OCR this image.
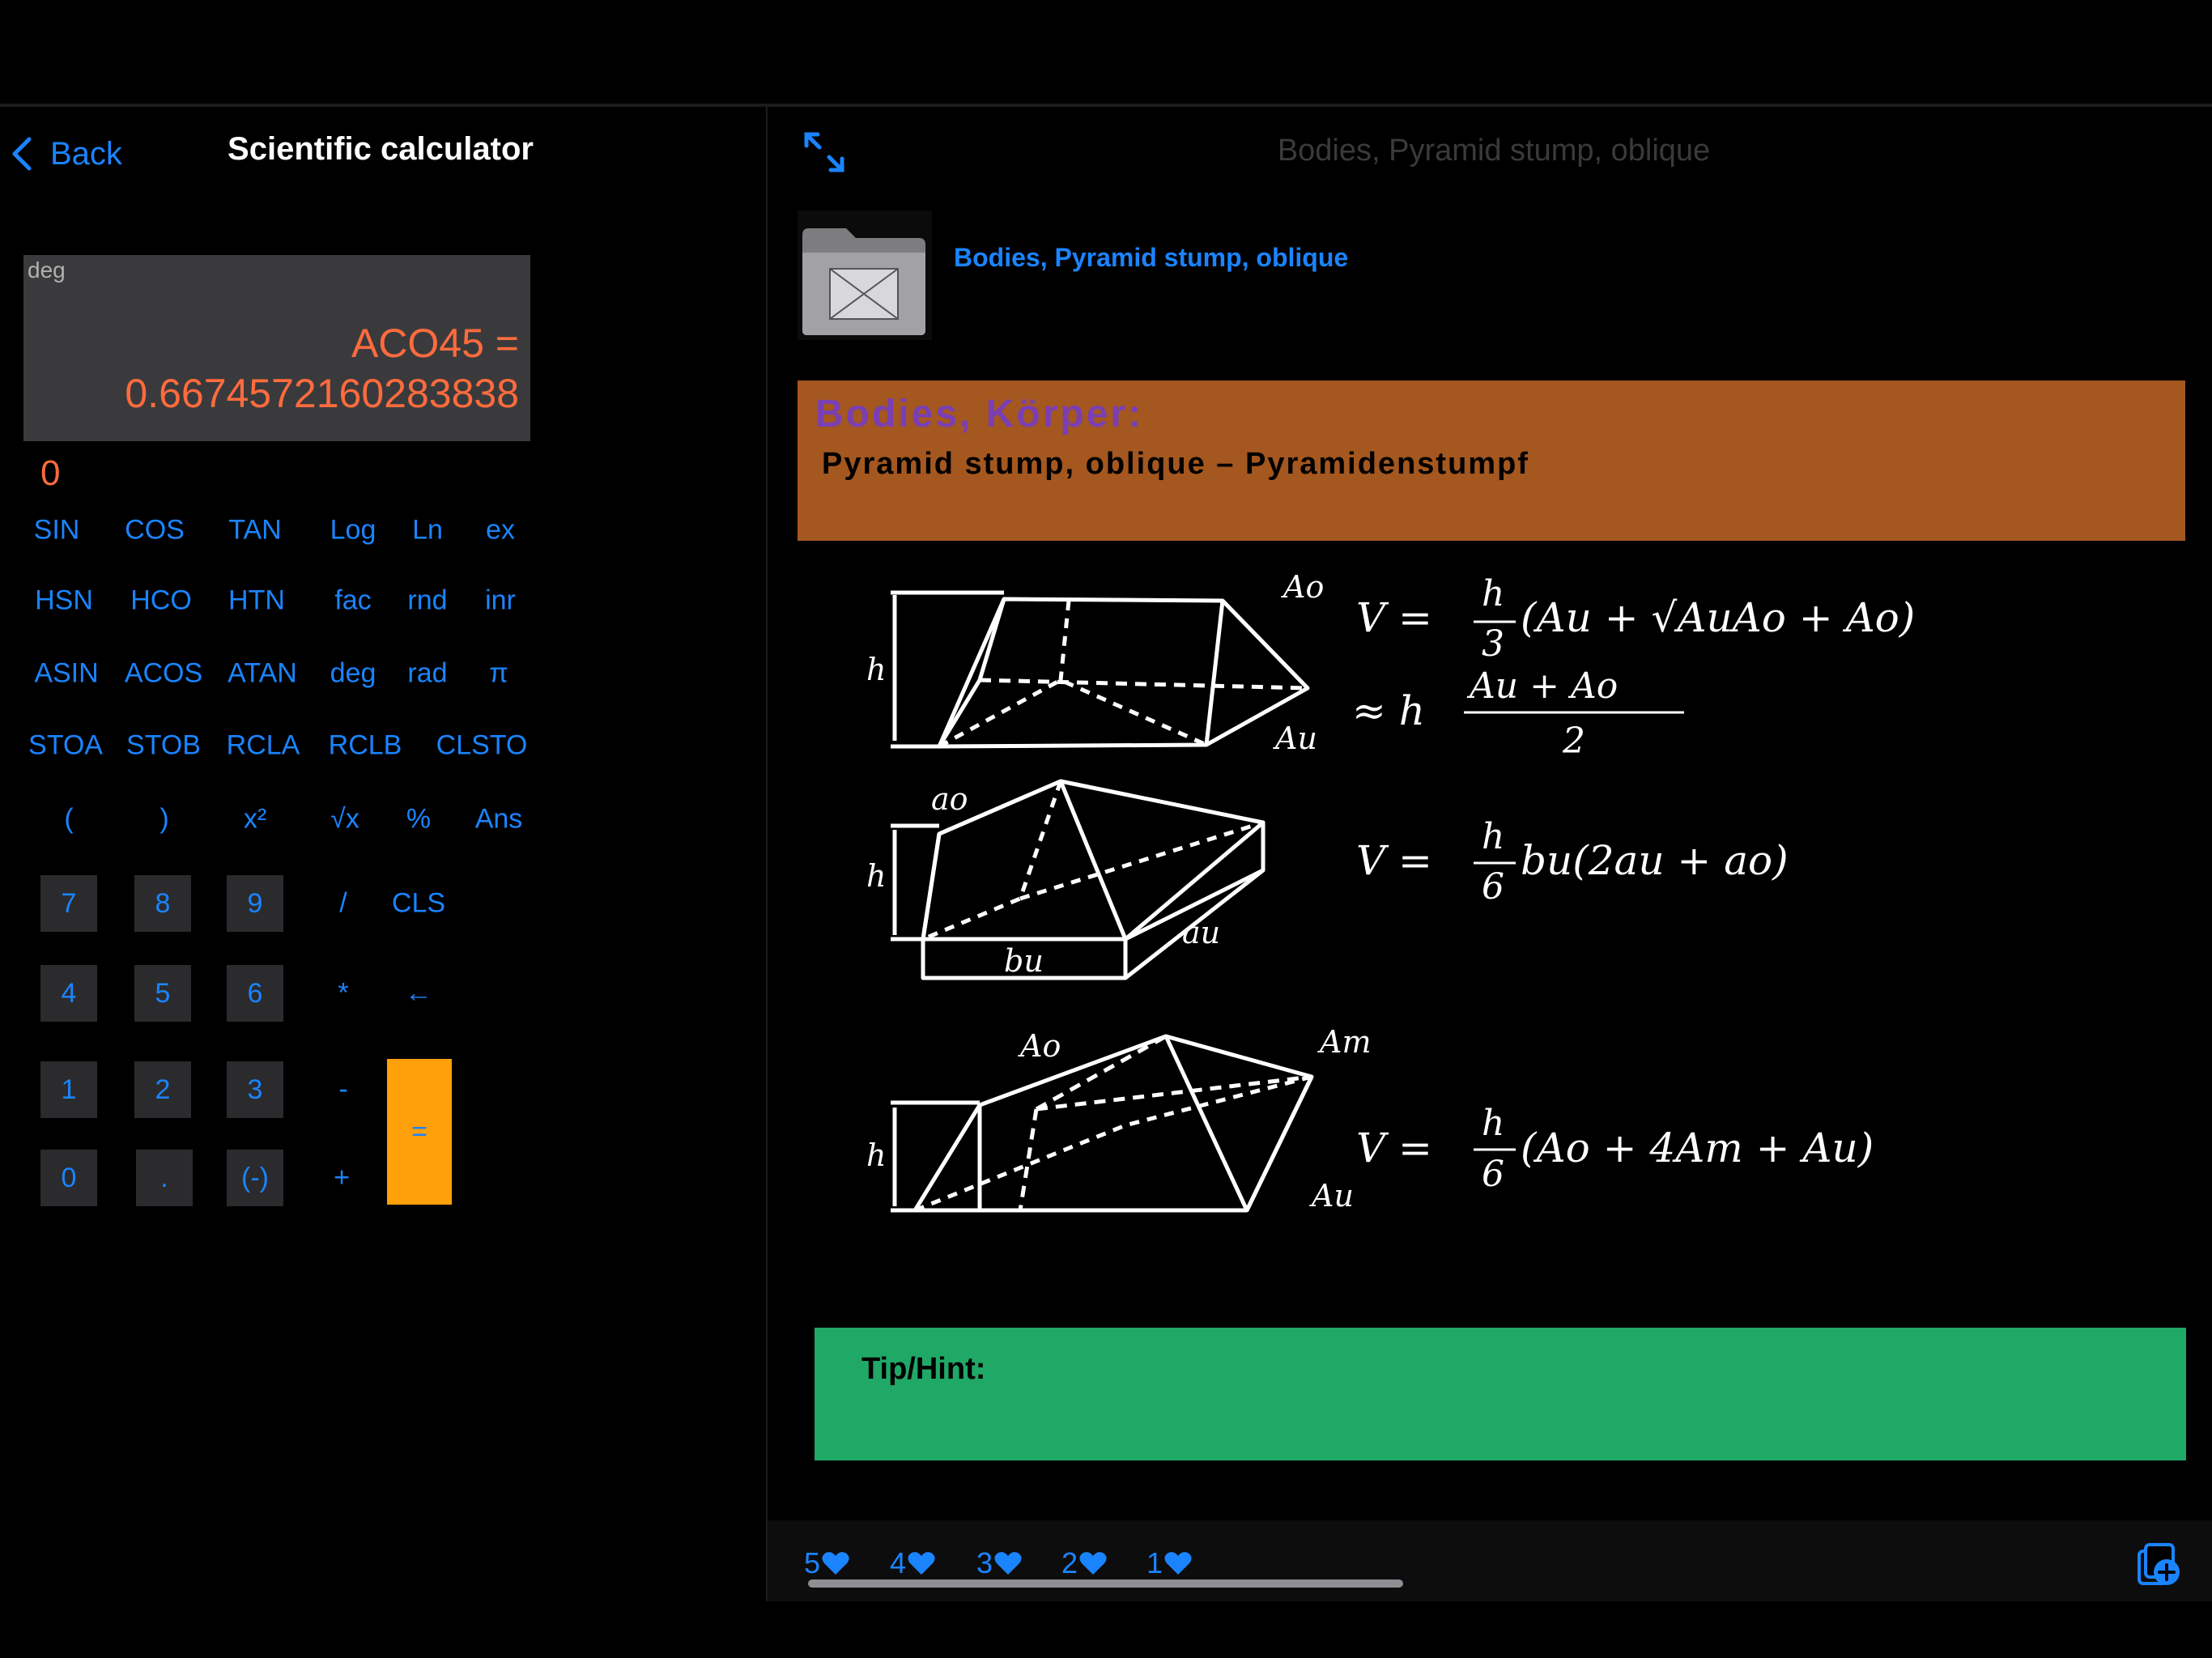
Back	Scientific calculator
deg
ACO45 =
0.6674572160283838
0
SIN	COS	TAN	Log	Ln	ex
HSN	HCO	HTN	fac	rnd	inr
ASIN ACOS ATAN	deg	rad	π
STOA STOB RCLA	RCLB	CLSTO
(	)	x²	√x	%	Ans
7	8	9	/	CLS
4	5	6	*	←
1	2	3	-
0	.	(-)	+
=
Bodies, Pyramid stump, oblique
Bodies, Pyramid stump, oblique
Bodies, Körper:
Pyramid stump, oblique – Pyramidenstumpf
Ao
Au
h
ao
h
bu
au
Ao	Am
Au
h
V =
h
3
(Au + √AuAo + Ao)
≈ h
Au + Ao
2
V =
h
6
bu(2au + ao)
V =
h
6
(Ao + 4Am + Au)
Tip/Hint:
5 4 3 2 1
